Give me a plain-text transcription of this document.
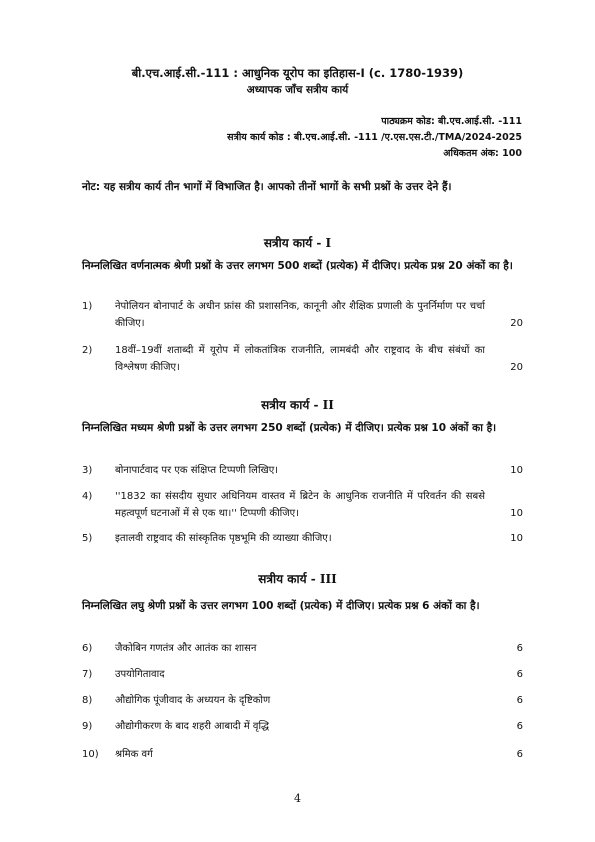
बी.एच.आई.सी.-111 : आधुनिक यूरोप का इतिहास-I (c. 1780-1939)
अध्यापक जाँच सत्रीय कार्य
पाठ्यक्रम कोड: बी.एच.आई.सी. -111
सत्रीय कार्य कोड : बी.एच.आई.सी. -111 /ए.एस.एस.टी./TMA/2024-2025
अधिकतम अंक: 100
नोट: यह सत्रीय कार्य तीन भागों में विभाजित है। आपको तीनों भागों के सभी प्रश्नों के उत्तर देने हैं।
सत्रीय कार्य - I
निम्नलिखित वर्णनात्मक श्रेणी प्रश्नों के उत्तर लगभग 500 शब्दों (प्रत्येक) में दीजिए। प्रत्येक प्रश्न 20 अंकों का है।
1)	नेपोलियन बोनापार्ट के अधीन फ्रांस की प्रशासनिक, कानूनी और शैक्षिक प्रणाली के पुनर्निर्माण पर चर्चा कीजिए।	20
2)	18वीं–19वीं शताब्दी में यूरोप में लोकतांत्रिक राजनीति, लामबंदी और राष्ट्रवाद के बीच संबंधों का विश्लेषण कीजिए।	20
सत्रीय कार्य - II
निम्नलिखित मध्यम श्रेणी प्रश्नों के उत्तर लगभग 250 शब्दों (प्रत्येक) में दीजिए। प्रत्येक प्रश्न 10 अंकों का है।
3)	बोनापार्टवाद पर एक संक्षिप्त टिप्पणी लिखिए।	10
4)	''1832 का संसदीय सुधार अधिनियम वास्तव में ब्रिटेन के आधुनिक राजनीति में परिवर्तन की सबसे महत्वपूर्ण घटनाओं में से एक था।'' टिप्पणी कीजिए।	10
5)	इतालवी राष्ट्रवाद की सांस्कृतिक पृष्ठभूमि की व्याख्या कीजिए।	10
सत्रीय कार्य - III
निम्नलिखित लघु श्रेणी प्रश्नों के उत्तर लगभग 100 शब्दों (प्रत्येक) में दीजिए। प्रत्येक प्रश्न 6 अंकों का है।
6)	जैकोबिन गणतंत्र और आतंक का शासन	6
7)	उपयोगितावाद	6
8)	औद्योगिक पूंजीवाद के अध्ययन के दृष्टिकोण	6
9)	औद्योगीकरण के बाद शहरी आबादी में वृद्धि	6
10)	श्रमिक वर्ग	6
4
